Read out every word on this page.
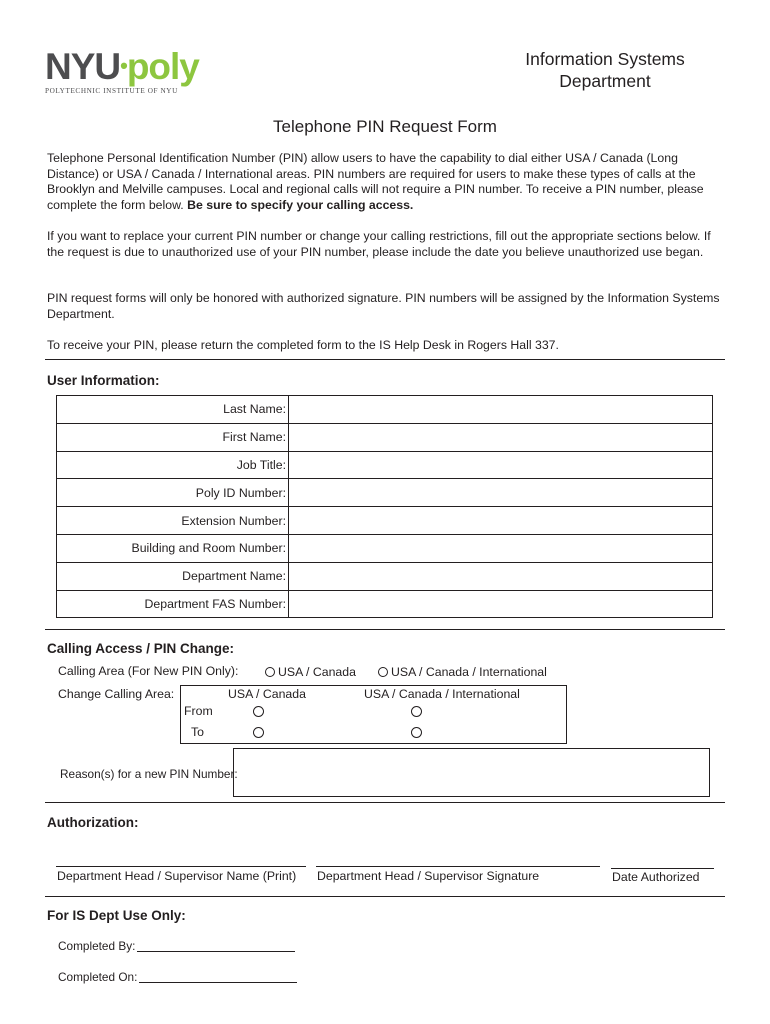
NYU•poly
POLYTECHNIC INSTITUTE OF NYU
Information Systems
Department
Telephone PIN Request Form
Telephone Personal Identification Number (PIN) allow users to have the capability to dial either USA / Canada (Long Distance) or USA / Canada / International areas. PIN numbers are required for users to make these types of calls at the Brooklyn and Melville campuses. Local and regional calls will not require a PIN number. To receive a PIN number, please complete the form below. Be sure to specify your calling access.
If you want to replace your current PIN number or change your calling restrictions, fill out the appropriate sections below. If the request is due to unauthorized use of your PIN number, please include the date you believe unauthorized use began.
PIN request forms will only be honored with authorized signature. PIN numbers will be assigned by the Information Systems Department.
To receive your PIN, please return the completed form to the IS Help Desk in Rogers Hall 337.
User Information:
Last Name:	
First Name:	
Job Title:	
Poly ID Number:	
Extension Number:	
Building and Room Number:	
Department Name:	
Department FAS Number:	
Calling Access / PIN Change:
Calling Area (For New PIN Only):	USA / Canada	USA / Canada / International
Change Calling Area:	USA / Canada	USA / Canada / International
From
To
Reason(s) for a new PIN Number:
Authorization:
Department Head / Supervisor Name (Print) Department Head / Supervisor Signature	Date Authorized
For IS Dept Use Only:
Completed By:
Completed On:
